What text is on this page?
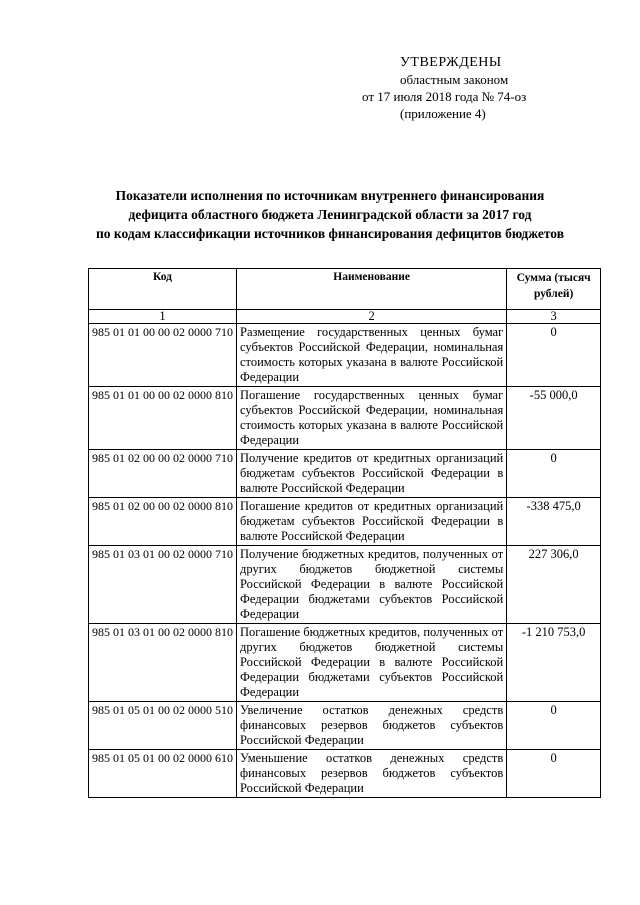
УТВЕРЖДЕНЫ
областным законом
от 17 июля 2018 года № 74-оз
(приложение 4)
Показатели исполнения по источникам внутреннего финансирования
дефицита областного бюджета Ленинградской области за 2017 год
по кодам классификации источников финансирования дефицитов бюджетов
Код	Наименование	Сумма (тысяч рублей)
1	2	3
985 01 01 00 00 02 0000 710	Размещение государственных ценных бумаг субъектов Российской Федерации, номинальная стоимость которых указана в валюте Российской Федерации	0
985 01 01 00 00 02 0000 810	Погашение государственных ценных бумаг субъектов Российской Федерации, номинальная стоимость которых указана в валюте Российской Федерации	-55 000,0
985 01 02 00 00 02 0000 710	Получение кредитов от кредитных организаций бюджетам субъектов Российской Федерации в валюте Российской Федерации	0
985 01 02 00 00 02 0000 810	Погашение кредитов от кредитных организаций бюджетам субъектов Российской Федерации в валюте Российской Федерации	-338 475,0
985 01 03 01 00 02 0000 710	Получение бюджетных кредитов, полученных от других бюджетов бюджетной системы Российской Федерации в валюте Российской Федерации бюджетами субъектов Российской Федерации	227 306,0
985 01 03 01 00 02 0000 810	Погашение бюджетных кредитов, полученных от других бюджетов бюджетной системы Российской Федерации в валюте Российской Федерации бюджетами субъектов Российской Федерации	-1 210 753,0
985 01 05 01 00 02 0000 510	Увеличение остатков денежных средств финансовых резервов бюджетов субъектов Российской Федерации	0
985 01 05 01 00 02 0000 610	Уменьшение остатков денежных средств финансовых резервов бюджетов субъектов Российской Федерации	0
